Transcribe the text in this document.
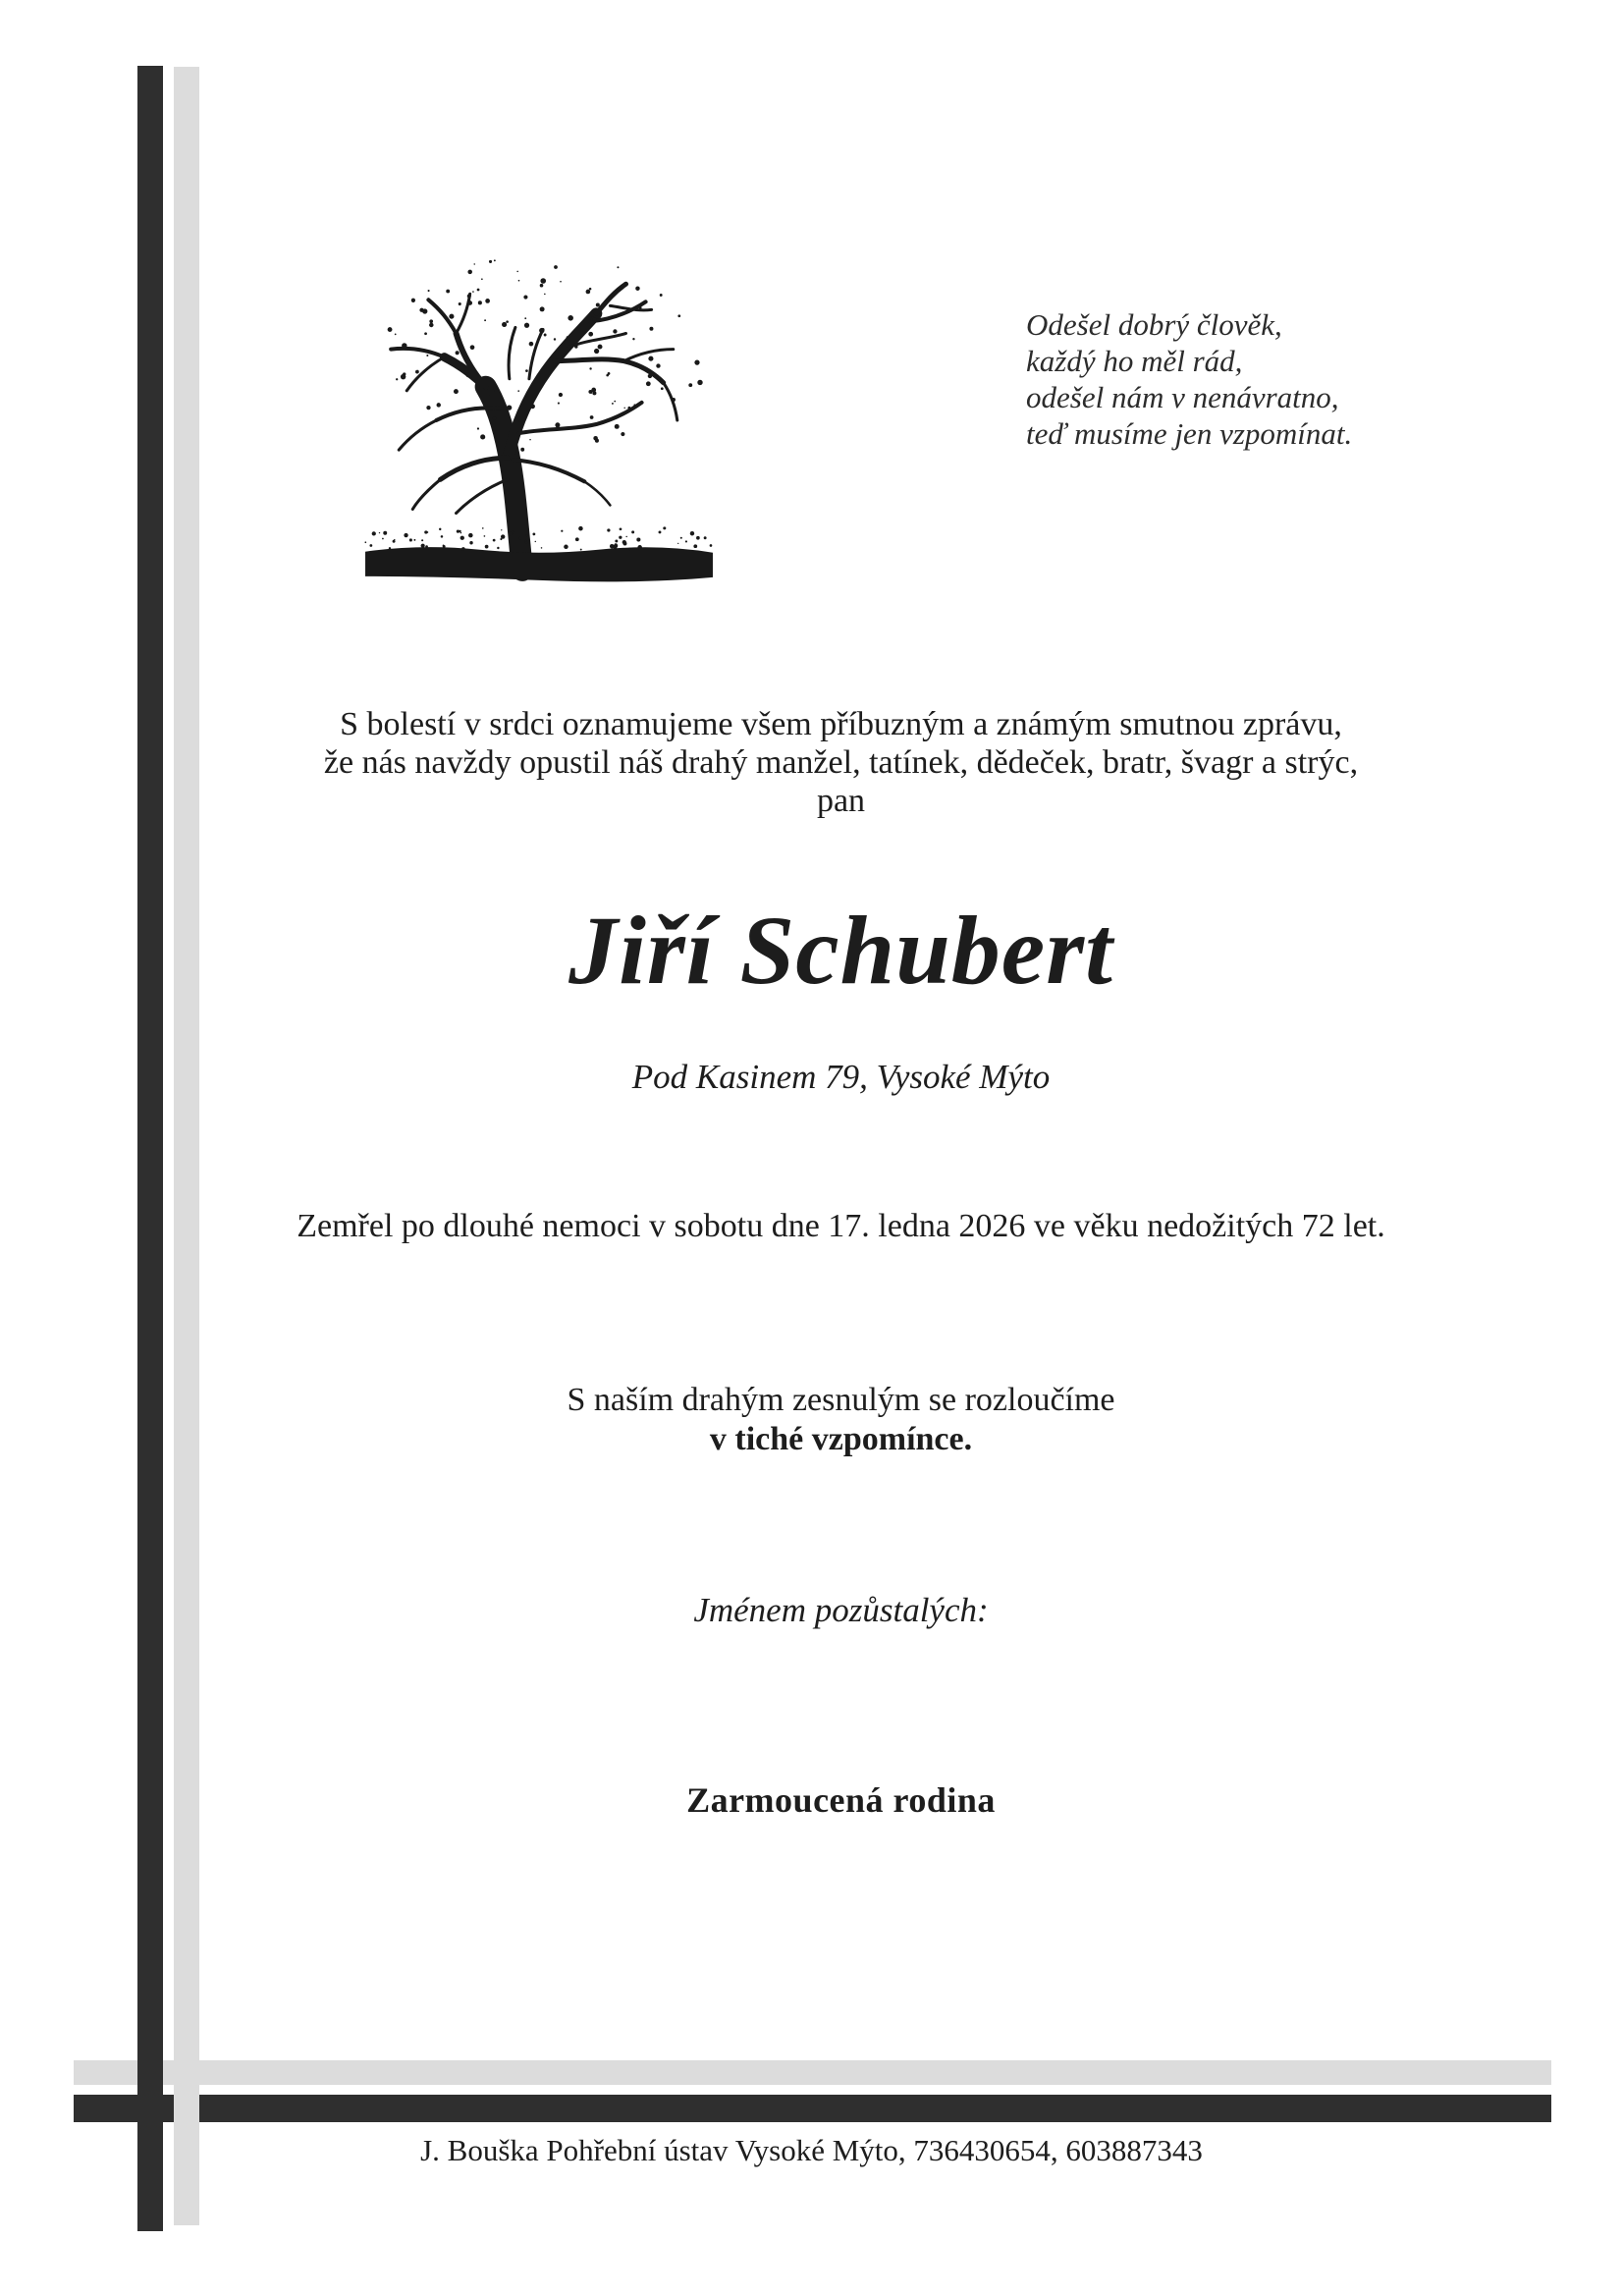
Odešel dobrý člověk,
každý ho měl rád,
odešel nám v nenávratno,
teď musíme jen vzpomínat.
S bolestí v srdci oznamujeme všem příbuzným a známým smutnou zprávu,
že nás navždy opustil náš drahý manžel, tatínek, dědeček, bratr, švagr a strýc,
pan
Jiří Schubert
Pod Kasinem 79, Vysoké Mýto
Zemřel po dlouhé nemoci v sobotu dne 17. ledna 2026 ve věku nedožitých 72 let.
S naším drahým zesnulým se rozloučíme
v tiché vzpomínce.
Jménem pozůstalých:
Zarmoucená rodina
J. Bouška Pohřební ústav Vysoké Mýto, 736430654, 603887343
